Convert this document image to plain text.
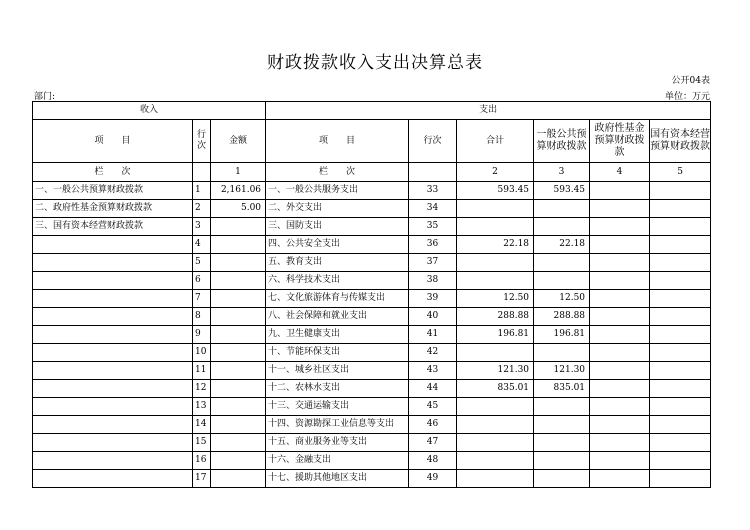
财政拨款收入支出决算总表
公开04表
部门:	单位：万元
收入			支出					
项　　目	行次	金额	项　　目	行次	合计	一般公共预算财政拨款	政府性基金预算财政拨款	国有资本经营预算财政拨款
栏　　次		1	栏　　次		2	3	4	5
一、一般公共预算财政拨款	1	2,161.06	一、一般公共服务支出	33	593.45	593.45		
二、政府性基金预算财政拨款	2	5.00	二、外交支出	34				
三、国有资本经营财政拨款	3		三、国防支出	35				
	4		四、公共安全支出	36	22.18	22.18		
	5		五、教育支出	37				
	6		六、科学技术支出	38				
	7		七、文化旅游体育与传媒支出	39	12.50	12.50		
	8		八、社会保障和就业支出	40	288.88	288.88		
	9		九、卫生健康支出	41	196.81	196.81		
	10		十、节能环保支出	42				
	11		十一、城乡社区支出	43	121.30	121.30		
	12		十二、农林水支出	44	835.01	835.01		
	13		十三、交通运输支出	45				
	14		十四、资源勘探工业信息等支出	46				
	15		十五、商业服务业等支出	47				
	16		十六、金融支出	48				
	17		十七、援助其他地区支出	49				
